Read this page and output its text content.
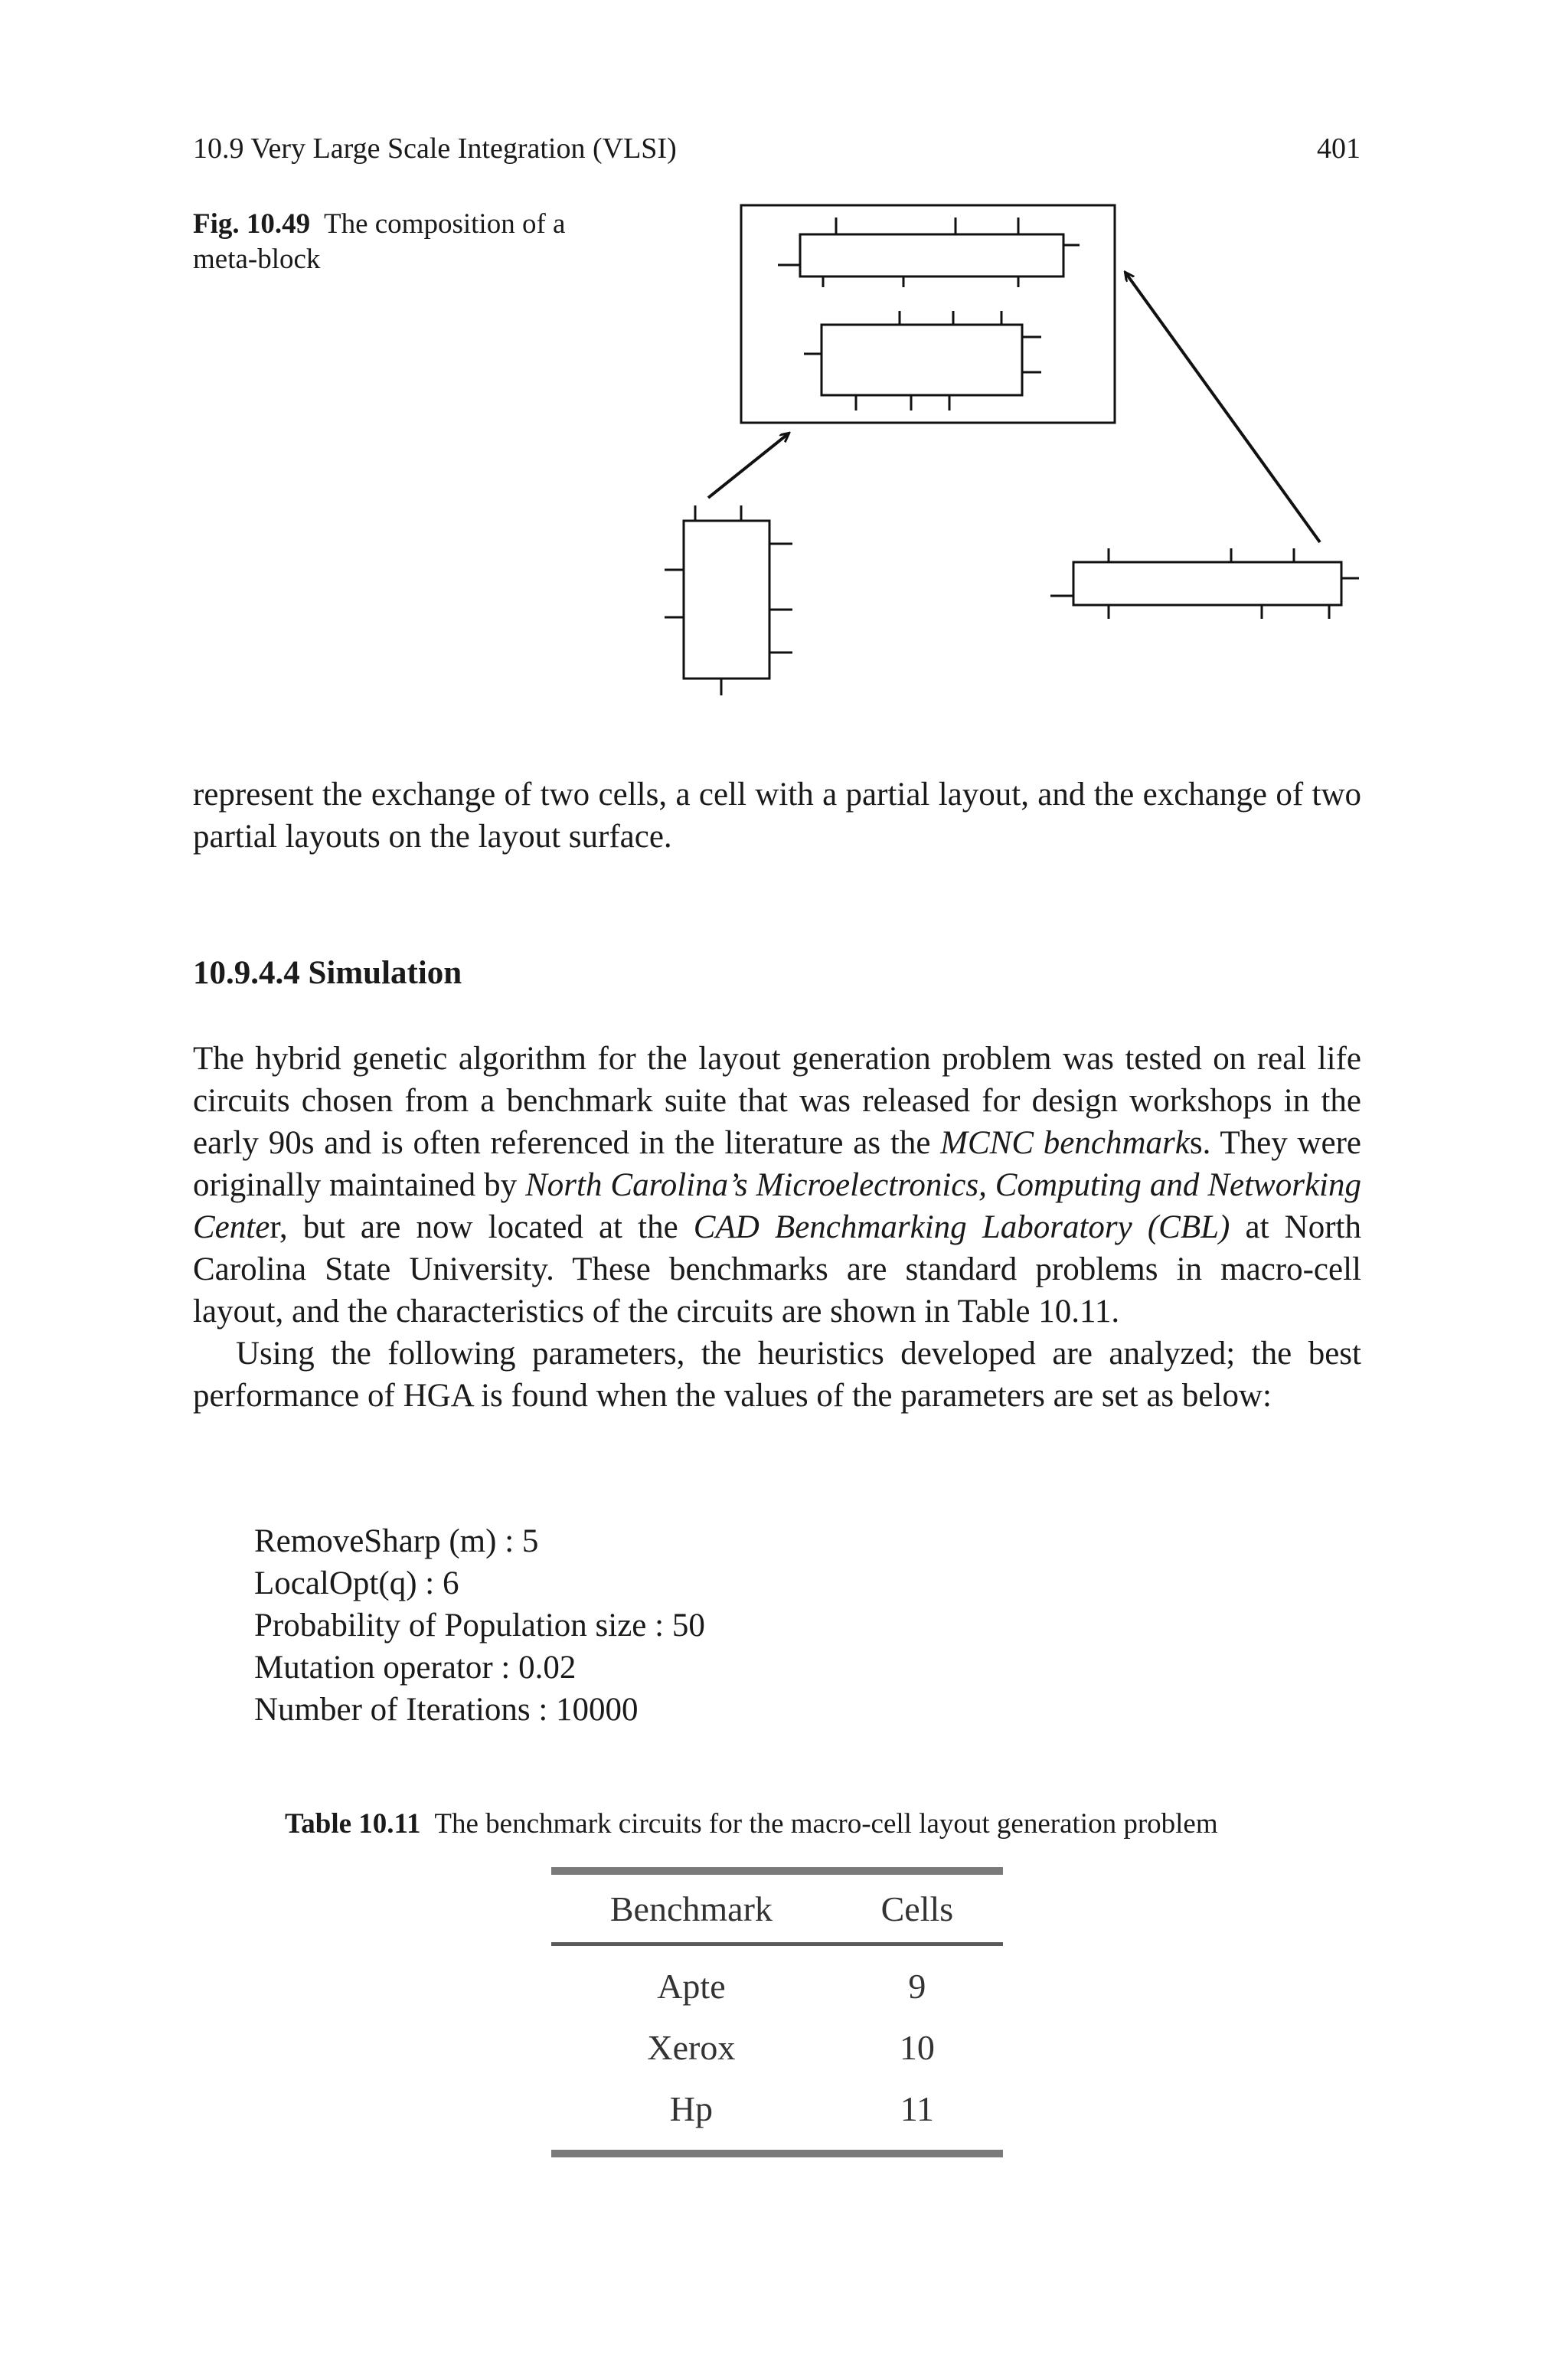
10.9 Very Large Scale Integration (VLSI)	401
Fig. 10.49 The composition of a meta-block

represent the exchange of two cells, a cell with a partial layout, and the exchange of two partial layouts on the layout surface.

10.9.4.4 Simulation

The hybrid genetic algorithm for the layout generation problem was tested on real life circuits chosen from a benchmark suite that was released for design workshops in the early 90s and is often referenced in the literature as the MCNC benchmarks. They were originally maintained by North Carolina’s Microelectronics, Computing and Networking Center, but are now located at the CAD Benchmarking Laboratory (CBL) at North Carolina State University. These benchmarks are standard problems in macro-cell layout, and the characteristics of the circuits are shown in Table 10.11.

Using the following parameters, the heuristics developed are analyzed; the best performance of HGA is found when the values of the parameters are set as below:

RemoveSharp (m) : 5
LocalOpt(q) : 6
Probability of Population size : 50
Mutation operator : 0.02
Number of Iterations : 10000
Table 10.11 The benchmark circuits for the macro-cell layout generation problem
Benchmark	Cells
Apte	9
Xerox	10
Hp	11
